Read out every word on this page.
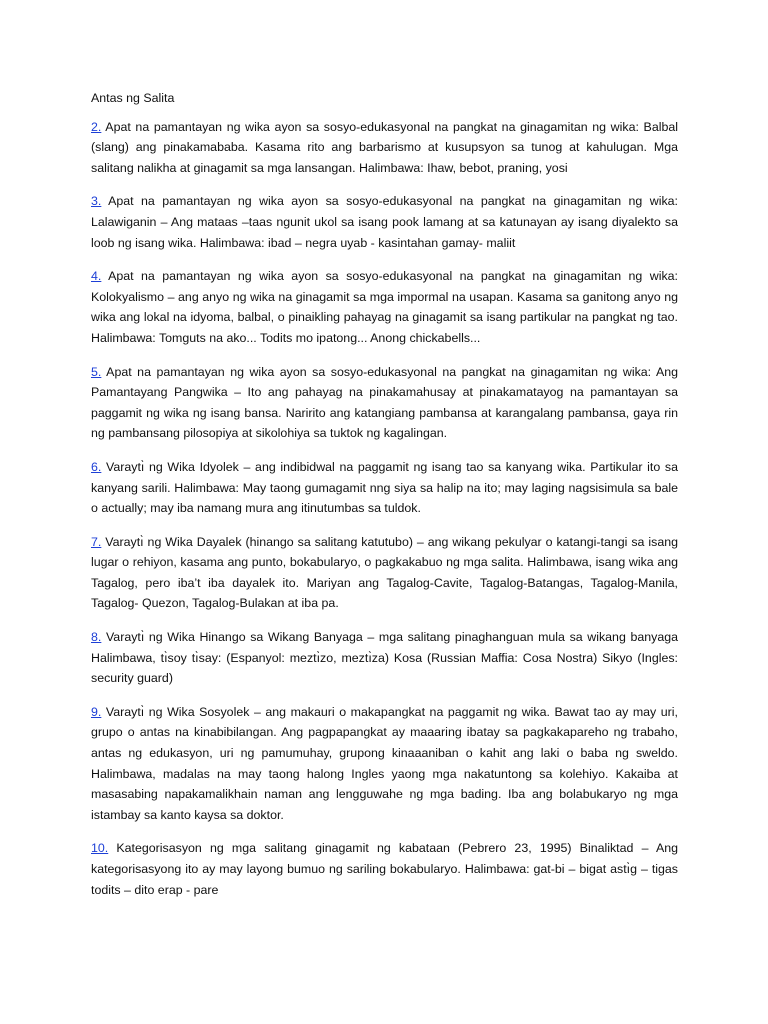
Antas ng Salita

2. Apat na pamantayan ng wika ayon sa sosyo-edukasyonal na pangkat na ginagamitan ng wika: Balbal (slang) ang pinakamababa. Kasama rito ang barbarismo at kusupsyon sa tunog at kahulugan. Mga salitang nalikha at ginagamit sa mga lansangan. Halimbawa: Ihaw, bebot, praning, yosi

3. Apat na pamantayan ng wika ayon sa sosyo-edukasyonal na pangkat na ginagamitan ng wika: Lalawiganin – Ang mataas –taas ngunit ukol sa isang pook lamang at sa katunayan ay isang diyalekto sa loob ng isang wika. Halimbawa: ibad – negra uyab - kasintahan gamay- maliit

4. Apat na pamantayan ng wika ayon sa sosyo-edukasyonal na pangkat na ginagamitan ng wika: Kolokyalismo – ang anyo ng wika na ginagamit sa mga impormal na usapan. Kasama sa ganitong anyo ng wika ang lokal na idyoma, balbal, o pinaikling pahayag na ginagamit sa isang partikular na pangkat ng tao. Halimbawa: Tomguts na ako... Todits mo ipatong... Anong chickabells...

5. Apat na pamantayan ng wika ayon sa sosyo-edukasyonal na pangkat na ginagamitan ng wika: Ang Pamantayang Pangwika – Ito ang pahayag na pinakamahusay at pinakamatayog na pamantayan sa paggamit ng wika ng isang bansa. Naririto ang katangiang pambansa at karangalang pambansa, gaya rin ng pambansang pilosopiya at sikolohiya sa tuktok ng kagalingan.

6. Varaytı̀ ng Wika Idyolek – ang indibidwal na paggamit ng isang tao sa kanyang wika. Partikular ito sa kanyang sarili. Halimbawa: May taong gumagamit nng siya sa halip na ito; may laging nagsisimula sa bale o actually; may iba namang mura ang itinutumbas sa tuldok.

7. Varaytı̀ ng Wika Dayalek (hinango sa salitang katutubo) – ang wikang pekulyar o katangi-tangi sa isang lugar o rehiyon, kasama ang punto, bokabularyo, o pagkakabuo ng mga salita. Halimbawa, isang wika ang Tagalog, pero iba’t iba dayalek ito. Mariyan ang Tagalog-Cavite, Tagalog-Batangas, Tagalog-Manila, Tagalog- Quezon, Tagalog-Bulakan at iba pa.

8. Varaytı̀ ng Wika Hinango sa Wikang Banyaga – mga salitang pinaghanguan mula sa wikang banyaga Halimbawa, tı̀soy tı̀say: (Espanyol: meztı̀zo, meztı̀za) Kosa (Russian Maffia: Cosa Nostra) Sikyo (Ingles: security guard)

9. Varaytı̀ ng Wika Sosyolek – ang makauri o makapangkat na paggamit ng wika. Bawat tao ay may uri, grupo o antas na kinabibilangan. Ang pagpapangkat ay maaaring ibatay sa pagkakapareho ng trabaho, antas ng edukasyon, uri ng pamumuhay, grupong kinaaaniban o kahit ang laki o baba ng sweldo. Halimbawa, madalas na may taong halong Ingles yaong mga nakatuntong sa kolehiyo. Kakaiba at masasabing napakamalikhain naman ang lengguwahe ng mga bading. Iba ang bolabukaryo ng mga istambay sa kanto kaysa sa doktor.

10. Kategorisasyon ng mga salitang ginagamit ng kabataan (Pebrero 23, 1995) Binaliktad – Ang kategorisasyong ito ay may layong bumuo ng sariling bokabularyo. Halimbawa: gat-bi – bigat astı̀g – tigas todits – dito erap - pare
